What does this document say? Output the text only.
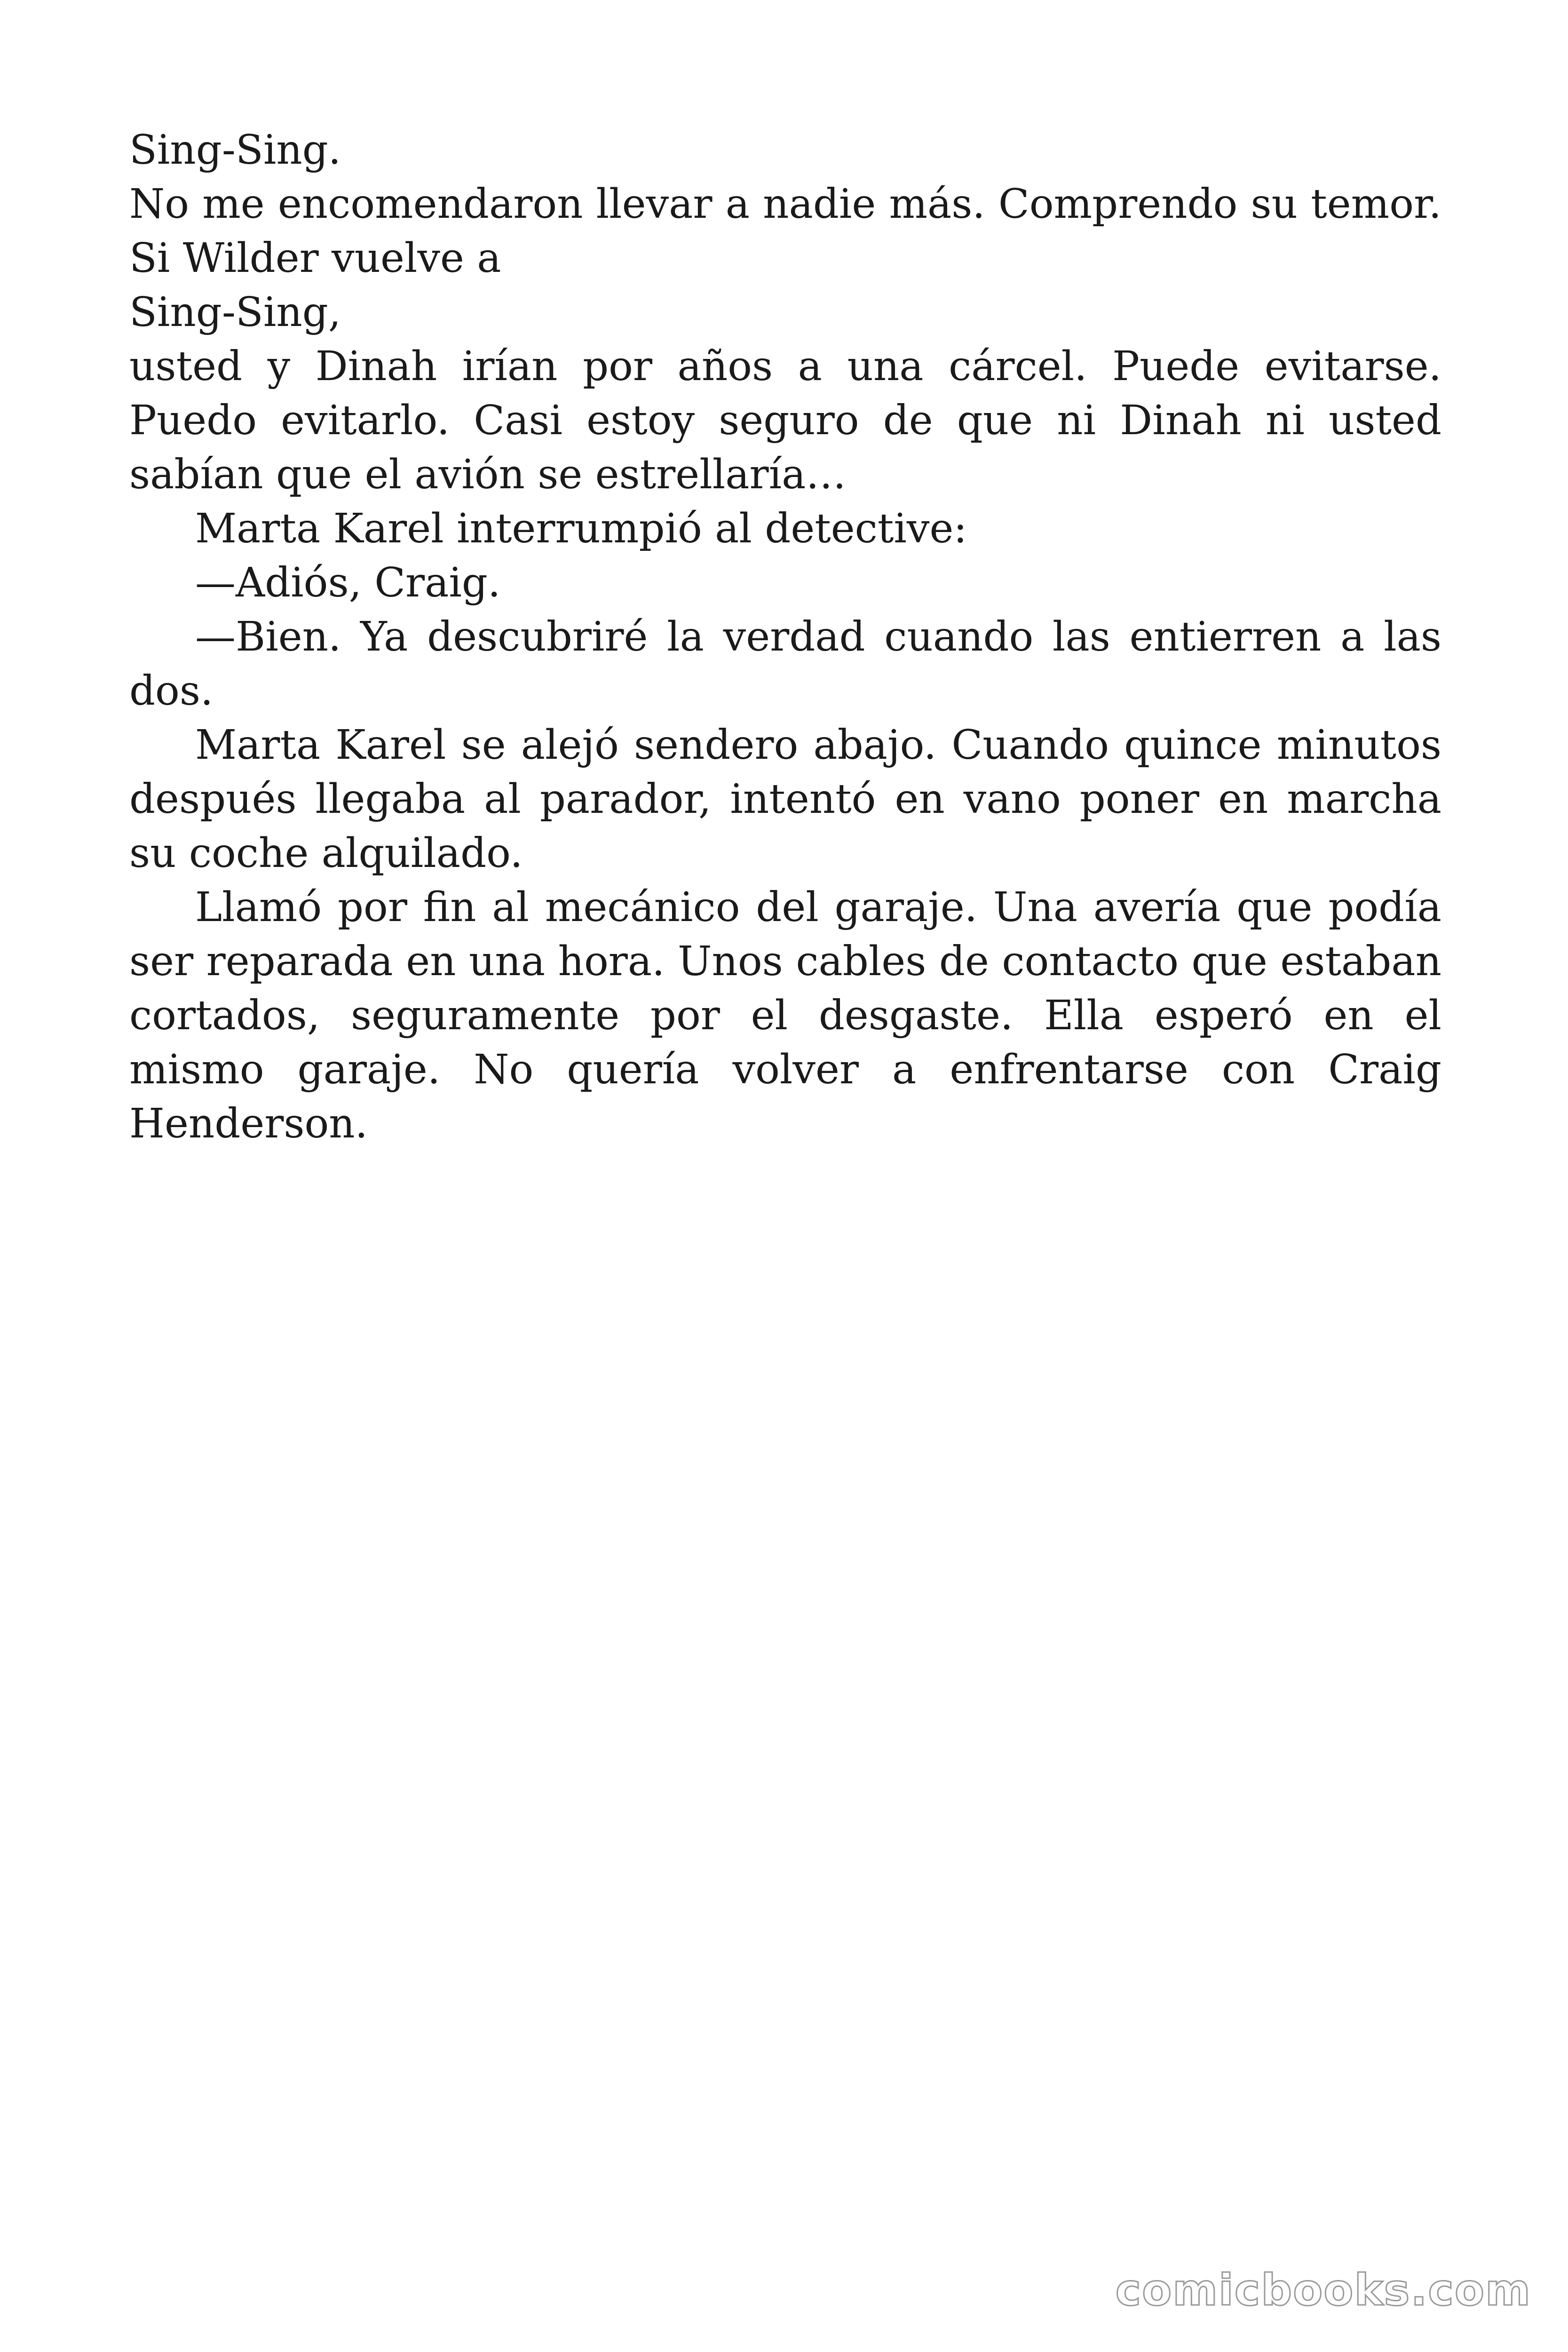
Sing-Sing.

No me encomendaron llevar a nadie más. Comprendo su temor. Si Wilder vuelve a

Sing-Sing,

usted y Dinah irían por años a una cárcel. Puede evitarse. Puedo evitarlo. Casi estoy seguro de que ni Dinah ni usted sabían que el avión se estrellaría…

Marta Karel interrumpió al detective:

—Adiós, Craig.

—Bien. Ya descubriré la verdad cuando las entierren a las dos.

Marta Karel se alejó sendero abajo. Cuando quince minutos después llegaba al parador, intentó en vano poner en marcha su coche alquilado.

Llamó por fin al mecánico del garaje. Una avería que podía ser reparada en una hora. Unos cables de contacto que estaban cortados, seguramente por el desgaste. Ella esperó en el mismo garaje. No quería volver a enfrentarse con Craig Henderson.

comicbooks.com
